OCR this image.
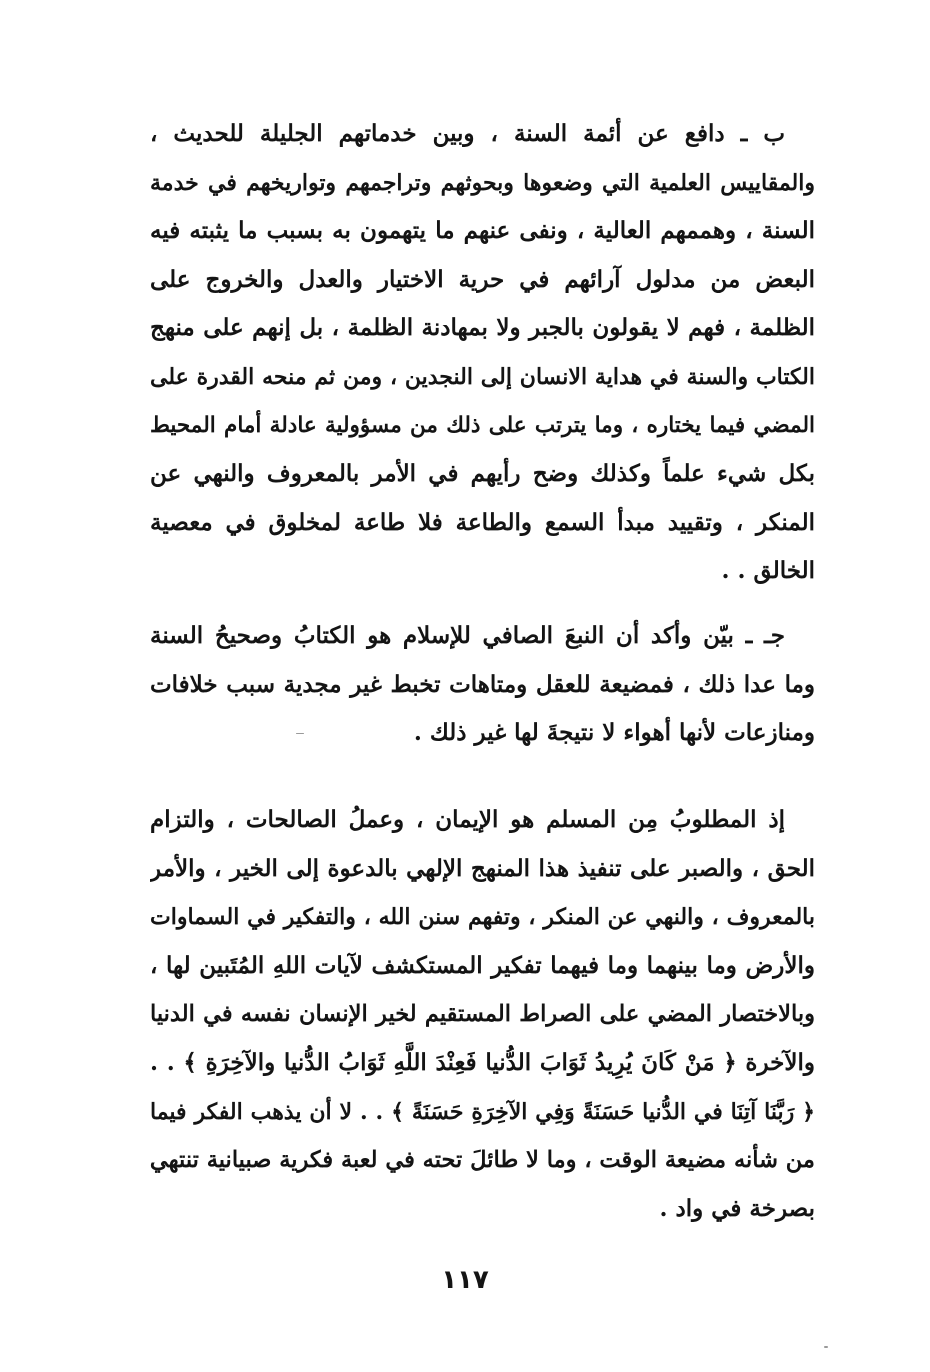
ب ـ دافع عن أئمة السنة ، وبين خدماتهم الجليلة للحديث ،
والمقاييس العلمية التي وضعوها وبحوثهم وتراجمهم وتواريخهم في خدمة
السنة ، وهممهم العالية ، ونفى عنهم ما يتهمون به بسبب ما يثبته فيه
البعض من مدلول آرائهم في حرية الاختيار والعدل والخروج على
الظلمة ، فهم لا يقولون بالجبر ولا بمهادنة الظلمة ، بل إنهم على منهج
الكتاب والسنة في هداية الانسان إلى النجدين ، ومن ثم منحه القدرة على
المضي فيما يختاره ، وما يترتب على ذلك من مسؤولية عادلة أمام المحيط
بكل شيء علماً وكذلك وضح رأيهم في الأمر بالمعروف والنهي عن
المنكر ، وتقييد مبدأ السمع والطاعة فلا طاعة لمخلوق في معصية
الخالق . .
جـ ـ بيّن وأكد أن النبعَ الصافي للإسلام هو الكتابُ وصحيحُ السنة
وما عدا ذلك ، فمضيعة للعقل ومتاهات تخبط غير مجدية سبب خلافات
ومنازعات لأنها أهواء لا نتيجةَ لها غير ذلك .
إذ المطلوبُ مِن المسلم هو الإيمان ، وعملُ الصالحات ، والتزام
الحق ، والصبر على تنفيذ هذا المنهج الإلهي بالدعوة إلى الخير ، والأمر
بالمعروف ، والنهي عن المنكر ، وتفهم سنن الله ، والتفكير في السماوات
والأرض وما بينهما وما فيهما تفكير المستكشف لآيات اللهِ المُتَبين لها ،
وبالاختصار المضي على الصراط المستقيم لخير الإنسان نفسه في الدنيا
والآخرة ﴿ مَنْ كَانَ يُرِيدُ ثَوَابَ الدُّنيا فَعِنْدَ اللَّهِ ثَوَابُ الدُّنيا والآخِرَةِ ﴾ . .
﴿ رَبَّنَا آتِنَا في الدُّنيا حَسَنَةً وَفِي الآخِرَةِ حَسَنَةً ﴾ . . لا أن يذهب الفكر فيما
من شأنه مضيعة الوقت ، وما لا طائلَ تحته في لعبة فكرية صبيانية تنتهي
بصرخة في واد .
١١٧
